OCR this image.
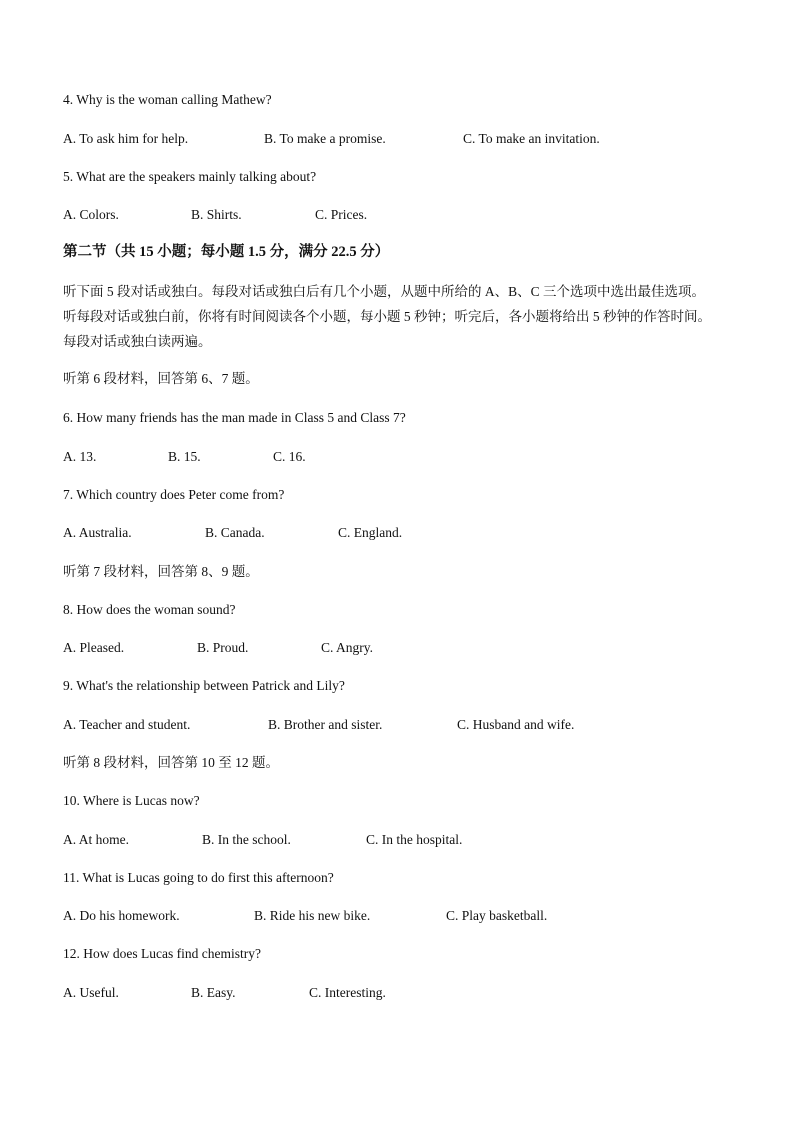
4. Why is the woman calling Mathew?
A. To ask him for help.	B. To make a promise.	C. To make an invitation.
5. What are the speakers mainly talking about?
A. Colors.	B. Shirts.	C. Prices.
第二节（共 15 小题；每小题 1.5 分，满分 22.5 分）
听下面 5 段对话或独白。每段对话或独白后有几个小题，从题中所给的 A、B、C 三个选项中选出最佳选项。
听每段对话或独白前，你将有时间阅读各个小题，每小题 5 秒钟；听完后，各小题将给出 5 秒钟的作答时间。
每段对话或独白读两遍。
听第 6 段材料，回答第 6、7 题。
6. How many friends has the man made in Class 5 and Class 7?
A. 13.	B. 15.	C. 16.
7. Which country does Peter come from?
A. Australia.	B. Canada.	C. England.
听第 7 段材料，回答第 8、9 题。
8. How does the woman sound?
A. Pleased.	B. Proud.	C. Angry.
9. What's the relationship between Patrick and Lily?
A. Teacher and student.	B. Brother and sister.	C. Husband and wife.
听第 8 段材料，回答第 10 至 12 题。
10. Where is Lucas now?
A. At home.	B. In the school.	C. In the hospital.
11. What is Lucas going to do first this afternoon?
A. Do his homework.	B. Ride his new bike.	C. Play basketball.
12. How does Lucas find chemistry?
A. Useful.	B. Easy.	C. Interesting.
